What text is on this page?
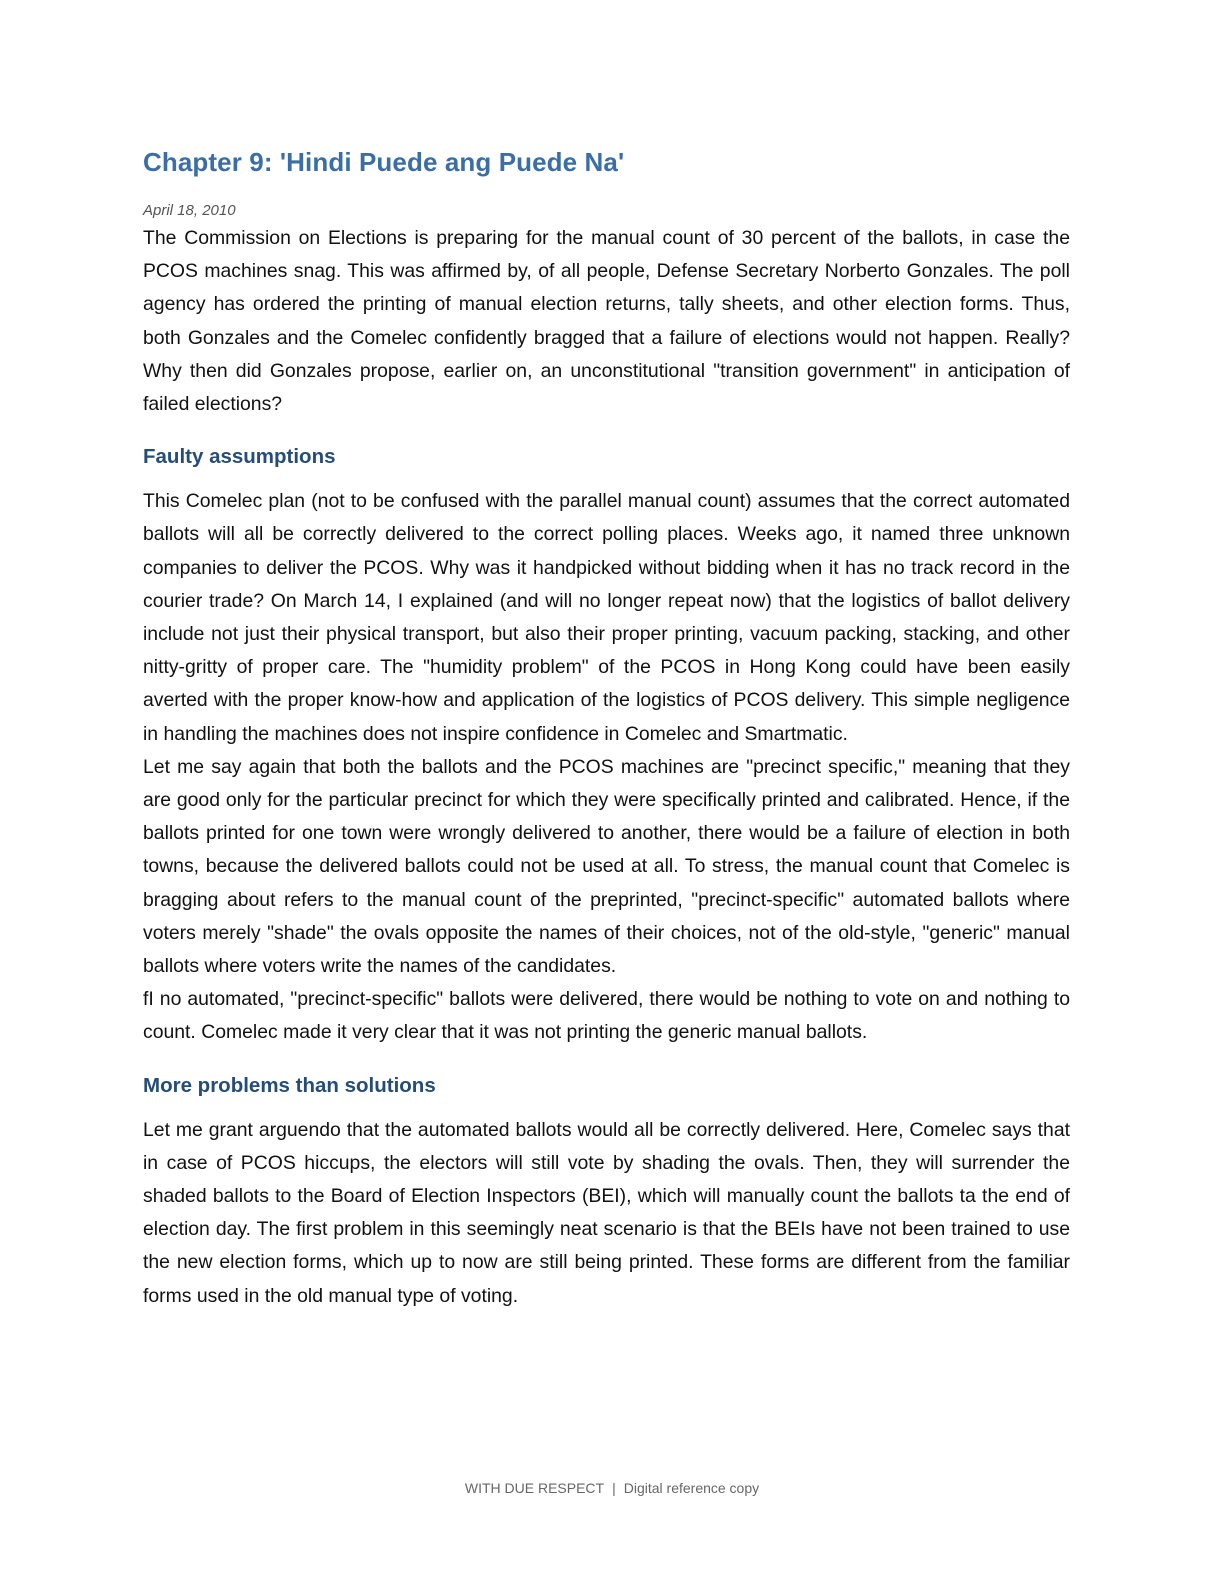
Chapter 9: 'Hindi Puede ang Puede Na'
April 18, 2010

The Commission on Elections is preparing for the manual count of 30 percent of the ballots, in case the PCOS machines snag. This was affirmed by, of all people, Defense Secretary Norberto Gonzales. The poll agency has ordered the printing of manual election returns, tally sheets, and other election forms. Thus, both Gonzales and the Comelec confidently bragged that a failure of elections would not happen. Really? Why then did Gonzales propose, earlier on, an unconstitutional "transition government" in anticipation of failed elections?

Faulty assumptions

This Comelec plan (not to be confused with the parallel manual count) assumes that the correct automated ballots will all be correctly delivered to the correct polling places. Weeks ago, it named three unknown companies to deliver the PCOS. Why was it handpicked without bidding when it has no track record in the courier trade? On March 14, I explained (and will no longer repeat now) that the logistics of ballot delivery include not just their physical transport, but also their proper printing, vacuum packing, stacking, and other nitty-gritty of proper care. The "humidity problem" of the PCOS in Hong Kong could have been easily averted with the proper know-how and application of the logistics of PCOS delivery. This simple negligence in handling the machines does not inspire confidence in Comelec and Smartmatic.

Let me say again that both the ballots and the PCOS machines are "precinct specific," meaning that they are good only for the particular precinct for which they were specifically printed and calibrated. Hence, if the ballots printed for one town were wrongly delivered to another, there would be a failure of election in both towns, because the delivered ballots could not be used at all. To stress, the manual count that Comelec is bragging about refers to the manual count of the preprinted, "precinct-specific" automated ballots where voters merely "shade" the ovals opposite the names of their choices, not of the old-style, "generic" manual ballots where voters write the names of the candidates.

fI no automated, "precinct-specific" ballots were delivered, there would be nothing to vote on and nothing to count. Comelec made it very clear that it was not printing the generic manual ballots.

More problems than solutions

Let me grant arguendo that the automated ballots would all be correctly delivered. Here, Comelec says that in case of PCOS hiccups, the electors will still vote by shading the ovals. Then, they will surrender the shaded ballots to the Board of Election Inspectors (BEI), which will manually count the ballots ta the end of election day. The first problem in this seemingly neat scenario is that the BEIs have not been trained to use the new election forms, which up to now are still being printed. These forms are different from the familiar forms used in the old manual type of voting.

WITH DUE RESPECT | Digital reference copy
